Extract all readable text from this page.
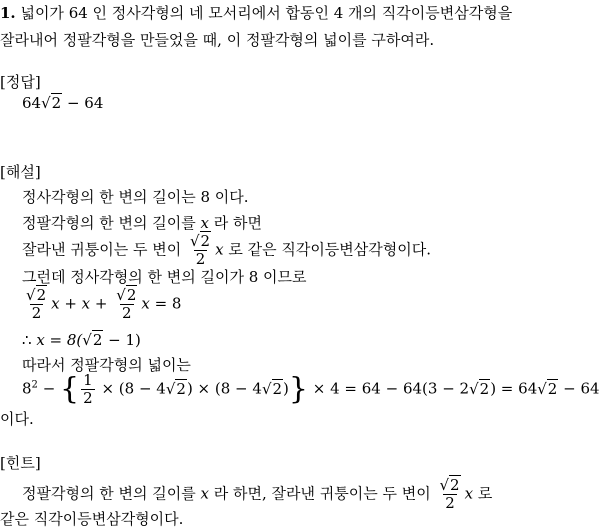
1. 넓이가 64 인 정사각형의 네 모서리에서 합동인 4 개의 직각이등변삼각형을
잘라내어 정팔각형을 만들었을 때, 이 정팔각형의 넓이를 구하여라.
[정답]
64√2 − 64
[해설]
정사각형의 한 변의 길이는 8 이다.
정팔각형의 한 변의 길이를 x 라 하면
잘라낸 귀퉁이는 두 변이 $\frac{√2}{2}$ x 로 같은 직각이등변삼각형이다.
그런데 정사각형의 한 변의 길이가 8 이므로
$\frac{√2}{2}$ $x + x + \frac{√2}{2}$ x = 8
∴ x = 8(√2 − 1)
따라서 정팔각형의 넓이는
$8^2$ − { $\frac{1}{2} \times (8 - 4√2) \times (8 - 4√2)\} \times 4 = 64 - 64(3 - 2√2) = 64√2 - 64$
이다.
[힌트]
정팔각형의 한 변의 길이를 x 라 하면, 잘라낸 귀퉁이는 두 변이 $\frac{√2}{2}$ x 로
같은 직각이등변삼각형이다.
